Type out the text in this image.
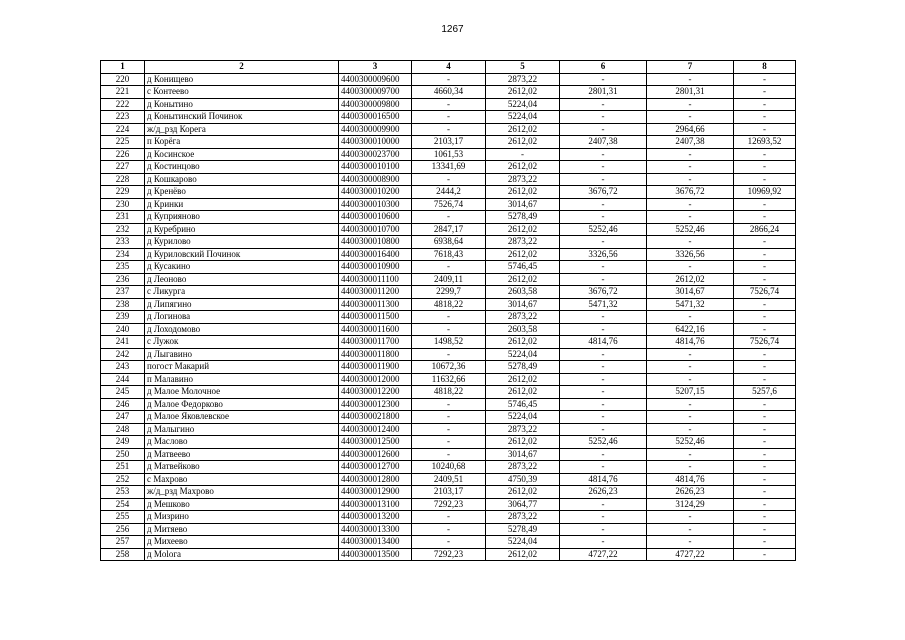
1267
1	2	3	4	5	6	7	8
220	д Конищево	4400300009600	-	2873,22	-	-	-
221	с Контеево	4400300009700	4660,34	2612,02	2801,31	2801,31	-
222	д Конытино	4400300009800	-	5224,04	-	-	-
223	д Конытинский Починок	4400300016500	-	5224,04	-	-	-
224	ж/д_рзд Корега	4400300009900	-	2612,02	-	2964,66	-
225	п Корёга	4400300010000	2103,17	2612,02	2407,38	2407,38	12693,52
226	д Косинское	4400300023700	1061,53	-	-	-	-
227	д Костинцово	4400300010100	13341,69	2612,02	-	-	-
228	д Кошкарово	4400300008900	-	2873,22	-	-	-
229	д Кренёво	4400300010200	2444,2	2612,02	3676,72	3676,72	10969,92
230	д Кринки	4400300010300	7526,74	3014,67	-	-	-
231	д Куприяново	4400300010600	-	5278,49	-	-	-
232	д Куребрино	4400300010700	2847,17	2612,02	5252,46	5252,46	2866,24
233	д Курилово	4400300010800	6938,64	2873,22	-	-	-
234	д Куриловский Починок	4400300016400	7618,43	2612,02	3326,56	3326,56	-
235	д Кусакино	4400300010900	-	5746,45	-	-	-
236	д Леоново	4400300011100	2409,11	2612,02	-	2612,02	-
237	с Ликурга	4400300011200	2299,7	2603,58	3676,72	3014,67	7526,74
238	д Липягино	4400300011300	4818,22	3014,67	5471,32	5471,32	-
239	д Логинова	4400300011500	-	2873,22	-	-	-
240	д Лоходомово	4400300011600	-	2603,58	-	6422,16	-
241	с Лужок	4400300011700	1498,52	2612,02	4814,76	4814,76	7526,74
242	д Лыгавино	4400300011800	-	5224,04	-	-	-
243	погост Макарий	4400300011900	10672,36	5278,49	-	-	-
244	п Малавино	4400300012000	11632,66	2612,02	-	-	-
245	д Малое Молочное	4400300012200	4818,22	2612,02	-	5207,15	5257,6
246	д Малое Федорково	4400300012300	-	5746,45	-	-	-
247	д Малое Яковлевское	4400300021800	-	5224,04	-	-	-
248	д Малыгино	4400300012400	-	2873,22	-	-	-
249	д Маслово	4400300012500	-	2612,02	5252,46	5252,46	-
250	д Матвеево	4400300012600	-	3014,67	-	-	-
251	д Матвейково	4400300012700	10240,68	2873,22	-	-	-
252	с Махрово	4400300012800	2409,51	4750,39	4814,76	4814,76	-
253	ж/д_рзд Махрово	4400300012900	2103,17	2612,02	2626,23	2626,23	-
254	д Мешково	4400300013100	7292,23	3064,77	-	3124,29	-
255	д Мизрино	4400300013200	-	2873,22	-	-	-
256	д Митяево	4400300013300	-	5278,49	-	-	-
257	д Михеево	4400300013400	-	5224,04	-	-	-
258	д Molога	4400300013500	7292,23	2612,02	4727,22	4727,22	-
